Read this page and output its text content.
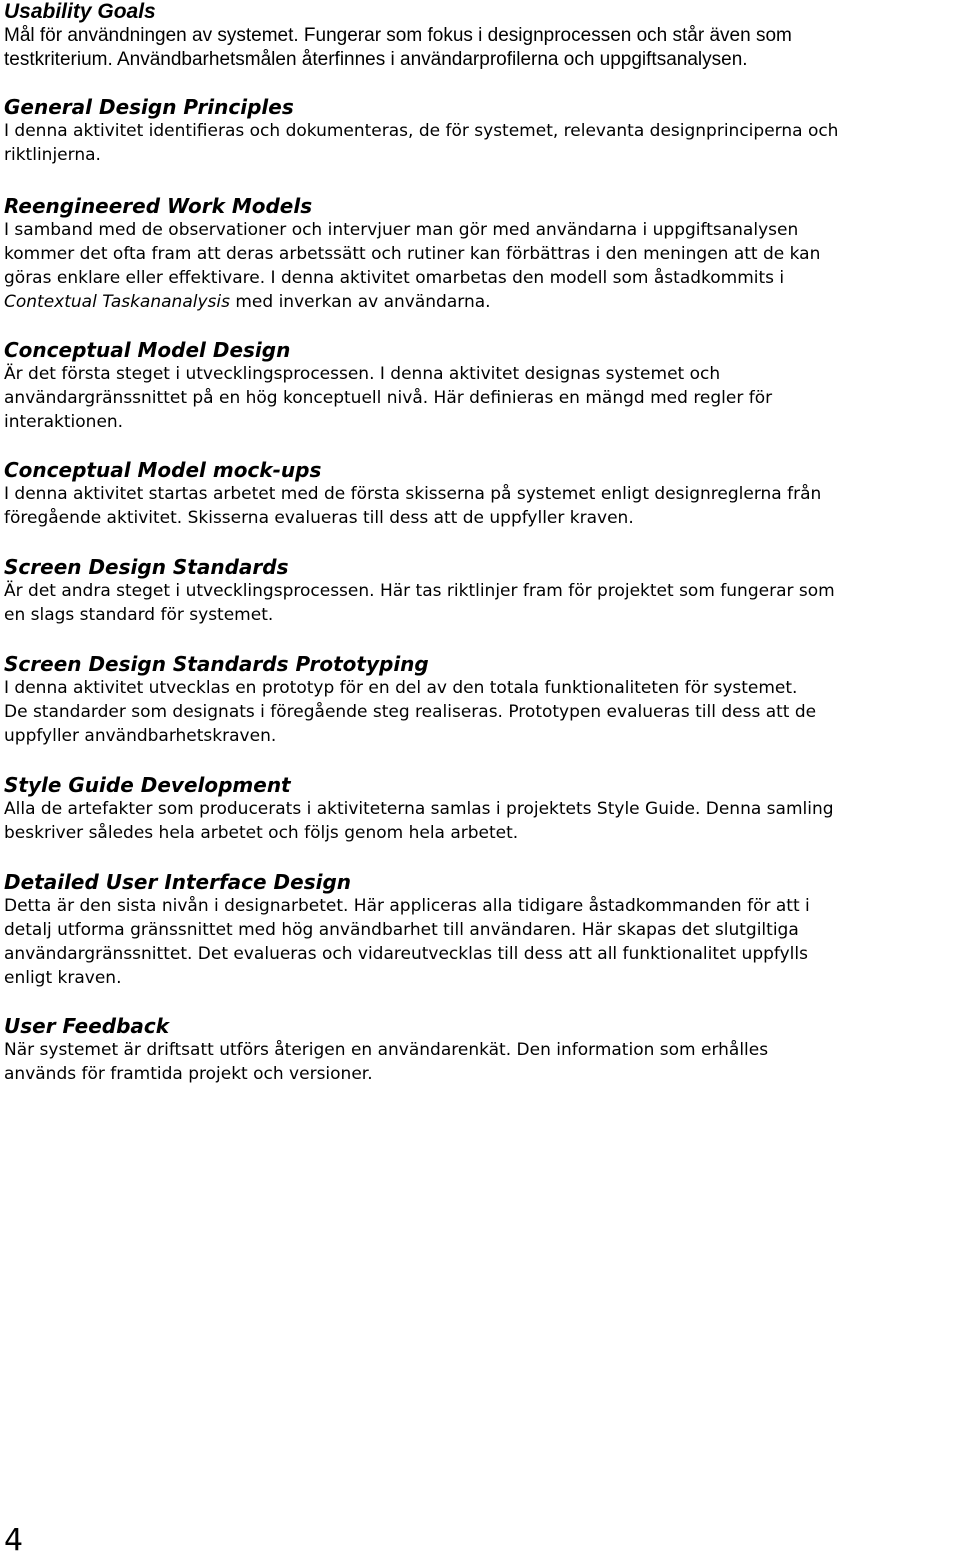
Usability Goals

Mål för användningen av systemet. Fungerar som fokus i designprocessen och står även som
testkriterium. Användbarhetsmålen återfinnes i användarprofilerna och uppgiftsanalysen.

General Design Principles

I denna aktivitet identifieras och dokumenteras, de för systemet, relevanta designprinciperna och
riktlinjerna.

Reengineered Work Models

I samband med de observationer och intervjuer man gör med användarna i uppgiftsanalysen
kommer det ofta fram att deras arbetssätt och rutiner kan förbättras i den meningen att de kan
göras enklare eller effektivare. I denna aktivitet omarbetas den modell som åstadkommits i
Contextual Taskananalysis med inverkan av användarna.

Conceptual Model Design

Är det första steget i utvecklingsprocessen. I denna aktivitet designas systemet och
användargränssnittet på en hög konceptuell nivå. Här definieras en mängd med regler för
interaktionen.

Conceptual Model mock-ups

I denna aktivitet startas arbetet med de första skisserna på systemet enligt designreglerna från
föregående aktivitet. Skisserna evalueras till dess att de uppfyller kraven.

Screen Design Standards

Är det andra steget i utvecklingsprocessen. Här tas riktlinjer fram för projektet som fungerar som
en slags standard för systemet.

Screen Design Standards Prototyping

I denna aktivitet utvecklas en prototyp för en del av den totala funktionaliteten för systemet.
De standarder som designats i föregående steg realiseras. Prototypen evalueras till dess att de
uppfyller användbarhetskraven.

Style Guide Development

Alla de artefakter som producerats i aktiviteterna samlas i projektets Style Guide. Denna samling
beskriver således hela arbetet och följs genom hela arbetet.

Detailed User Interface Design

Detta är den sista nivån i designarbetet. Här appliceras alla tidigare åstadkommanden för att i
detalj utforma gränssnittet med hög användbarhet till användaren. Här skapas det slutgiltiga
användargränssnittet. Det evalueras och vidareutvecklas till dess att all funktionalitet uppfylls
enligt kraven.

User Feedback

När systemet är driftsatt utförs återigen en användarenkät. Den information som erhålles
används för framtida projekt och versioner.

4
